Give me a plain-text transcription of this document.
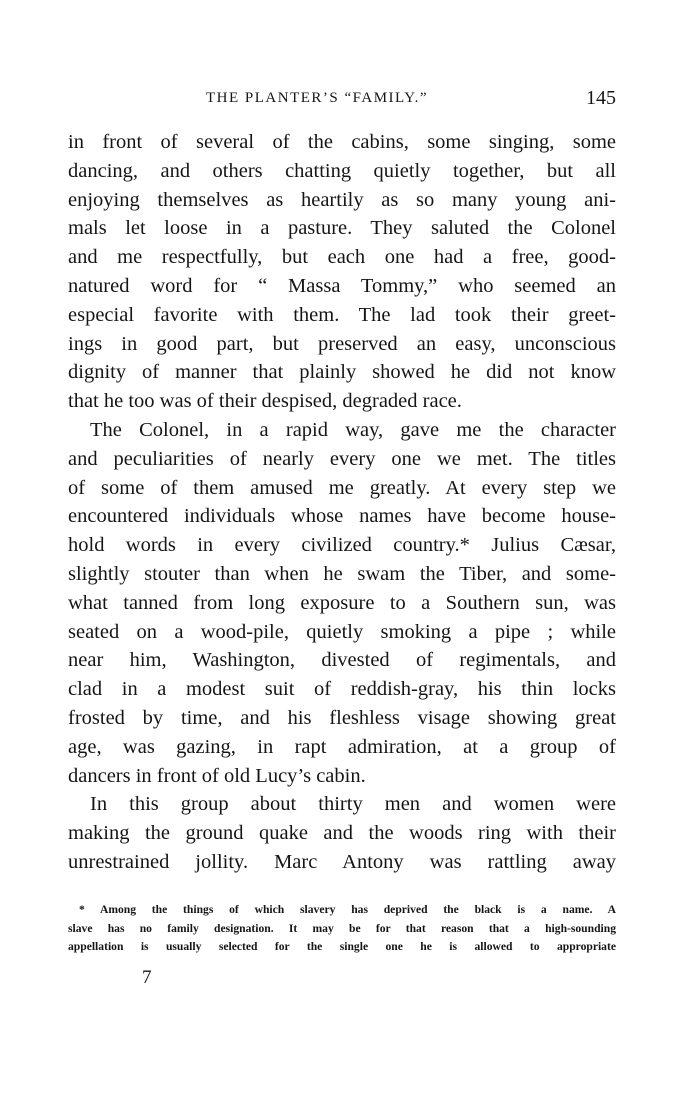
THE PLANTER’S “FAMILY.”	145
in front of several of the cabins, some singing, some
dancing, and others chatting quietly together, but all
enjoying themselves as heartily as so many young ani-
mals let loose in a pasture. They saluted the Colonel
and me respectfully, but each one had a free, good-
natured word for “ Massa Tommy,” who seemed an
especial favorite with them. The lad took their greet-
ings in good part, but preserved an easy, unconscious
dignity of manner that plainly showed he did not know
that he too was of their despised, degraded race.
The Colonel, in a rapid way, gave me the character
and peculiarities of nearly every one we met. The titles
of some of them amused me greatly. At every step we
encountered individuals whose names have become house-
hold words in every civilized country.* Julius Cæsar,
slightly stouter than when he swam the Tiber, and some-
what tanned from long exposure to a Southern sun, was
seated on a wood-pile, quietly smoking a pipe ; while
near him, Washington, divested of regimentals, and
clad in a modest suit of reddish-gray, his thin locks
frosted by time, and his fleshless visage showing great
age, was gazing, in rapt admiration, at a group of
dancers in front of old Lucy’s cabin.
In this group about thirty men and women were
making the ground quake and the woods ring with their
unrestrained jollity. Marc Antony was rattling away
* Among the things of which slavery has deprived the black is a name. A
slave has no family designation. It may be for that reason that a high-sounding
appellation is usually selected for the single one he is allowed to appropriate
7
